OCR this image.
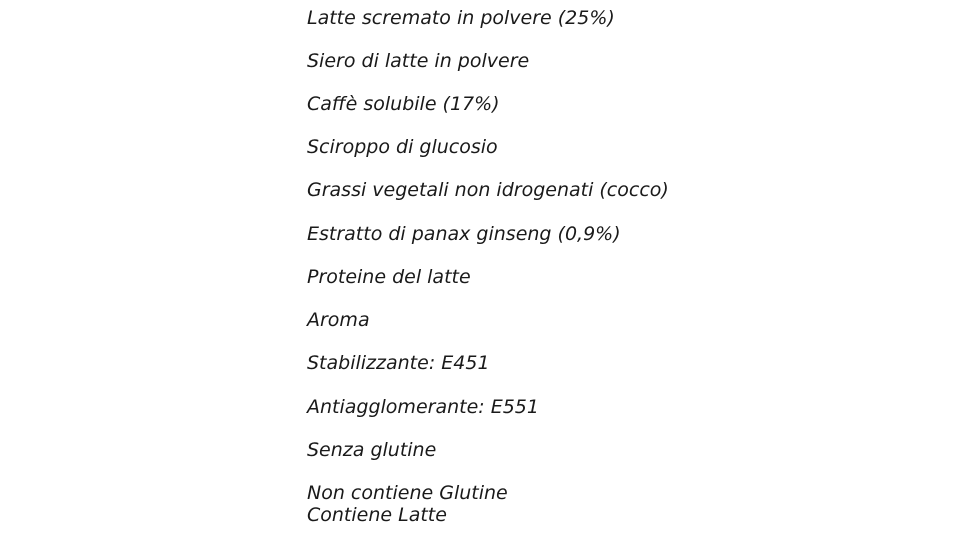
Latte scremato in polvere (25%)
Siero di latte in polvere
Caffè solubile (17%)
Sciroppo di glucosio
Grassi vegetali non idrogenati (cocco)
Estratto di panax ginseng (0,9%)
Proteine del latte
Aroma
Stabilizzante: E451
Antiagglomerante: E551
Senza glutine
Non contiene Glutine
Contiene Latte
